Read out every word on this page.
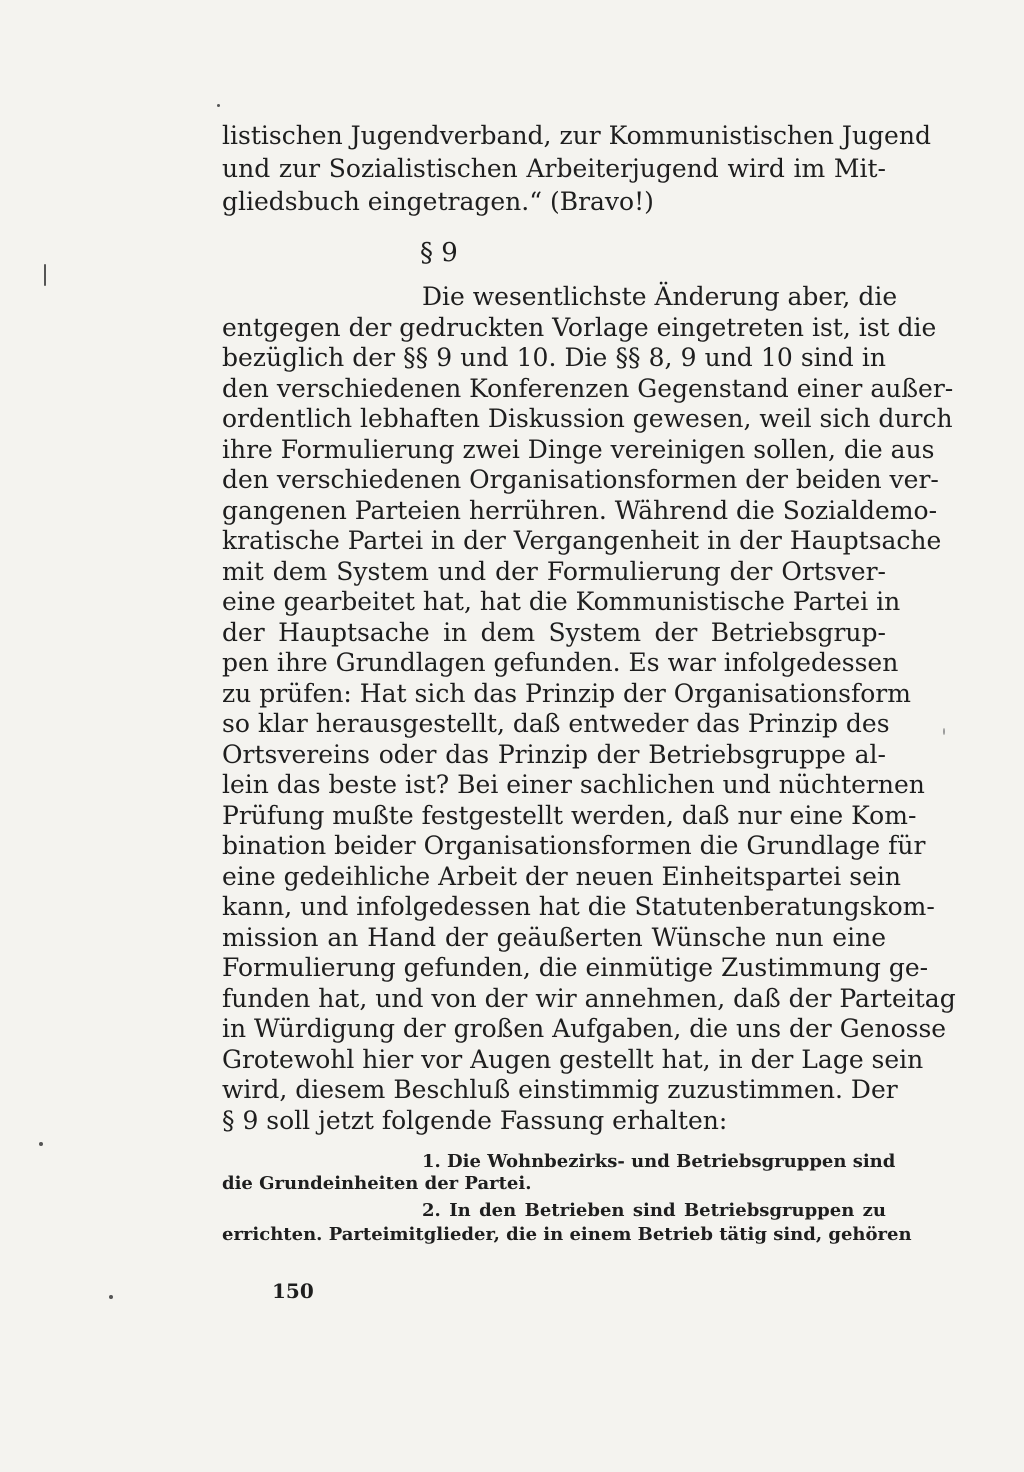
listischen Jugendverband, zur Kommunistischen Jugend
und zur Sozialistischen Arbeiterjugend wird im Mit-
gliedsbuch eingetragen.“ (Bravo!)
§ 9
Die wesentlichste Änderung aber, die
entgegen der gedruckten Vorlage eingetreten ist, ist die
bezüglich der §§ 9 und 10. Die §§ 8, 9 und 10 sind in
den verschiedenen Konferenzen Gegenstand einer außer-
ordentlich lebhaften Diskussion gewesen, weil sich durch
ihre Formulierung zwei Dinge vereinigen sollen, die aus
den verschiedenen Organisationsformen der beiden ver-
gangenen Parteien herrühren. Während die Sozialdemo-
kratische Partei in der Vergangenheit in der Hauptsache
mit dem System und der Formulierung der Ortsver-
eine gearbeitet hat, hat die Kommunistische Partei in
der Hauptsache in dem System der Betriebsgrup-
pen ihre Grundlagen gefunden. Es war infolgedessen
zu prüfen: Hat sich das Prinzip der Organisationsform
so klar herausgestellt, daß entweder das Prinzip des
Ortsvereins oder das Prinzip der Betriebsgruppe al-
lein das beste ist? Bei einer sachlichen und nüchternen
Prüfung mußte festgestellt werden, daß nur eine Kom-
bination beider Organisationsformen die Grundlage für
eine gedeihliche Arbeit der neuen Einheitspartei sein
kann, und infolgedessen hat die Statutenberatungskom-
mission an Hand der geäußerten Wünsche nun eine
Formulierung gefunden, die einmütige Zustimmung ge-
funden hat, und von der wir annehmen, daß der Parteitag
in Würdigung der großen Aufgaben, die uns der Genosse
Grotewohl hier vor Augen gestellt hat, in der Lage sein
wird, diesem Beschluß einstimmig zuzustimmen. Der
§ 9 soll jetzt folgende Fassung erhalten:
1. Die Wohnbezirks- und Betriebsgruppen sind
die Grundeinheiten der Partei.
2. In den Betrieben sind Betriebsgruppen zu
errichten. Parteimitglieder, die in einem Betrieb tätig sind, gehören
150
